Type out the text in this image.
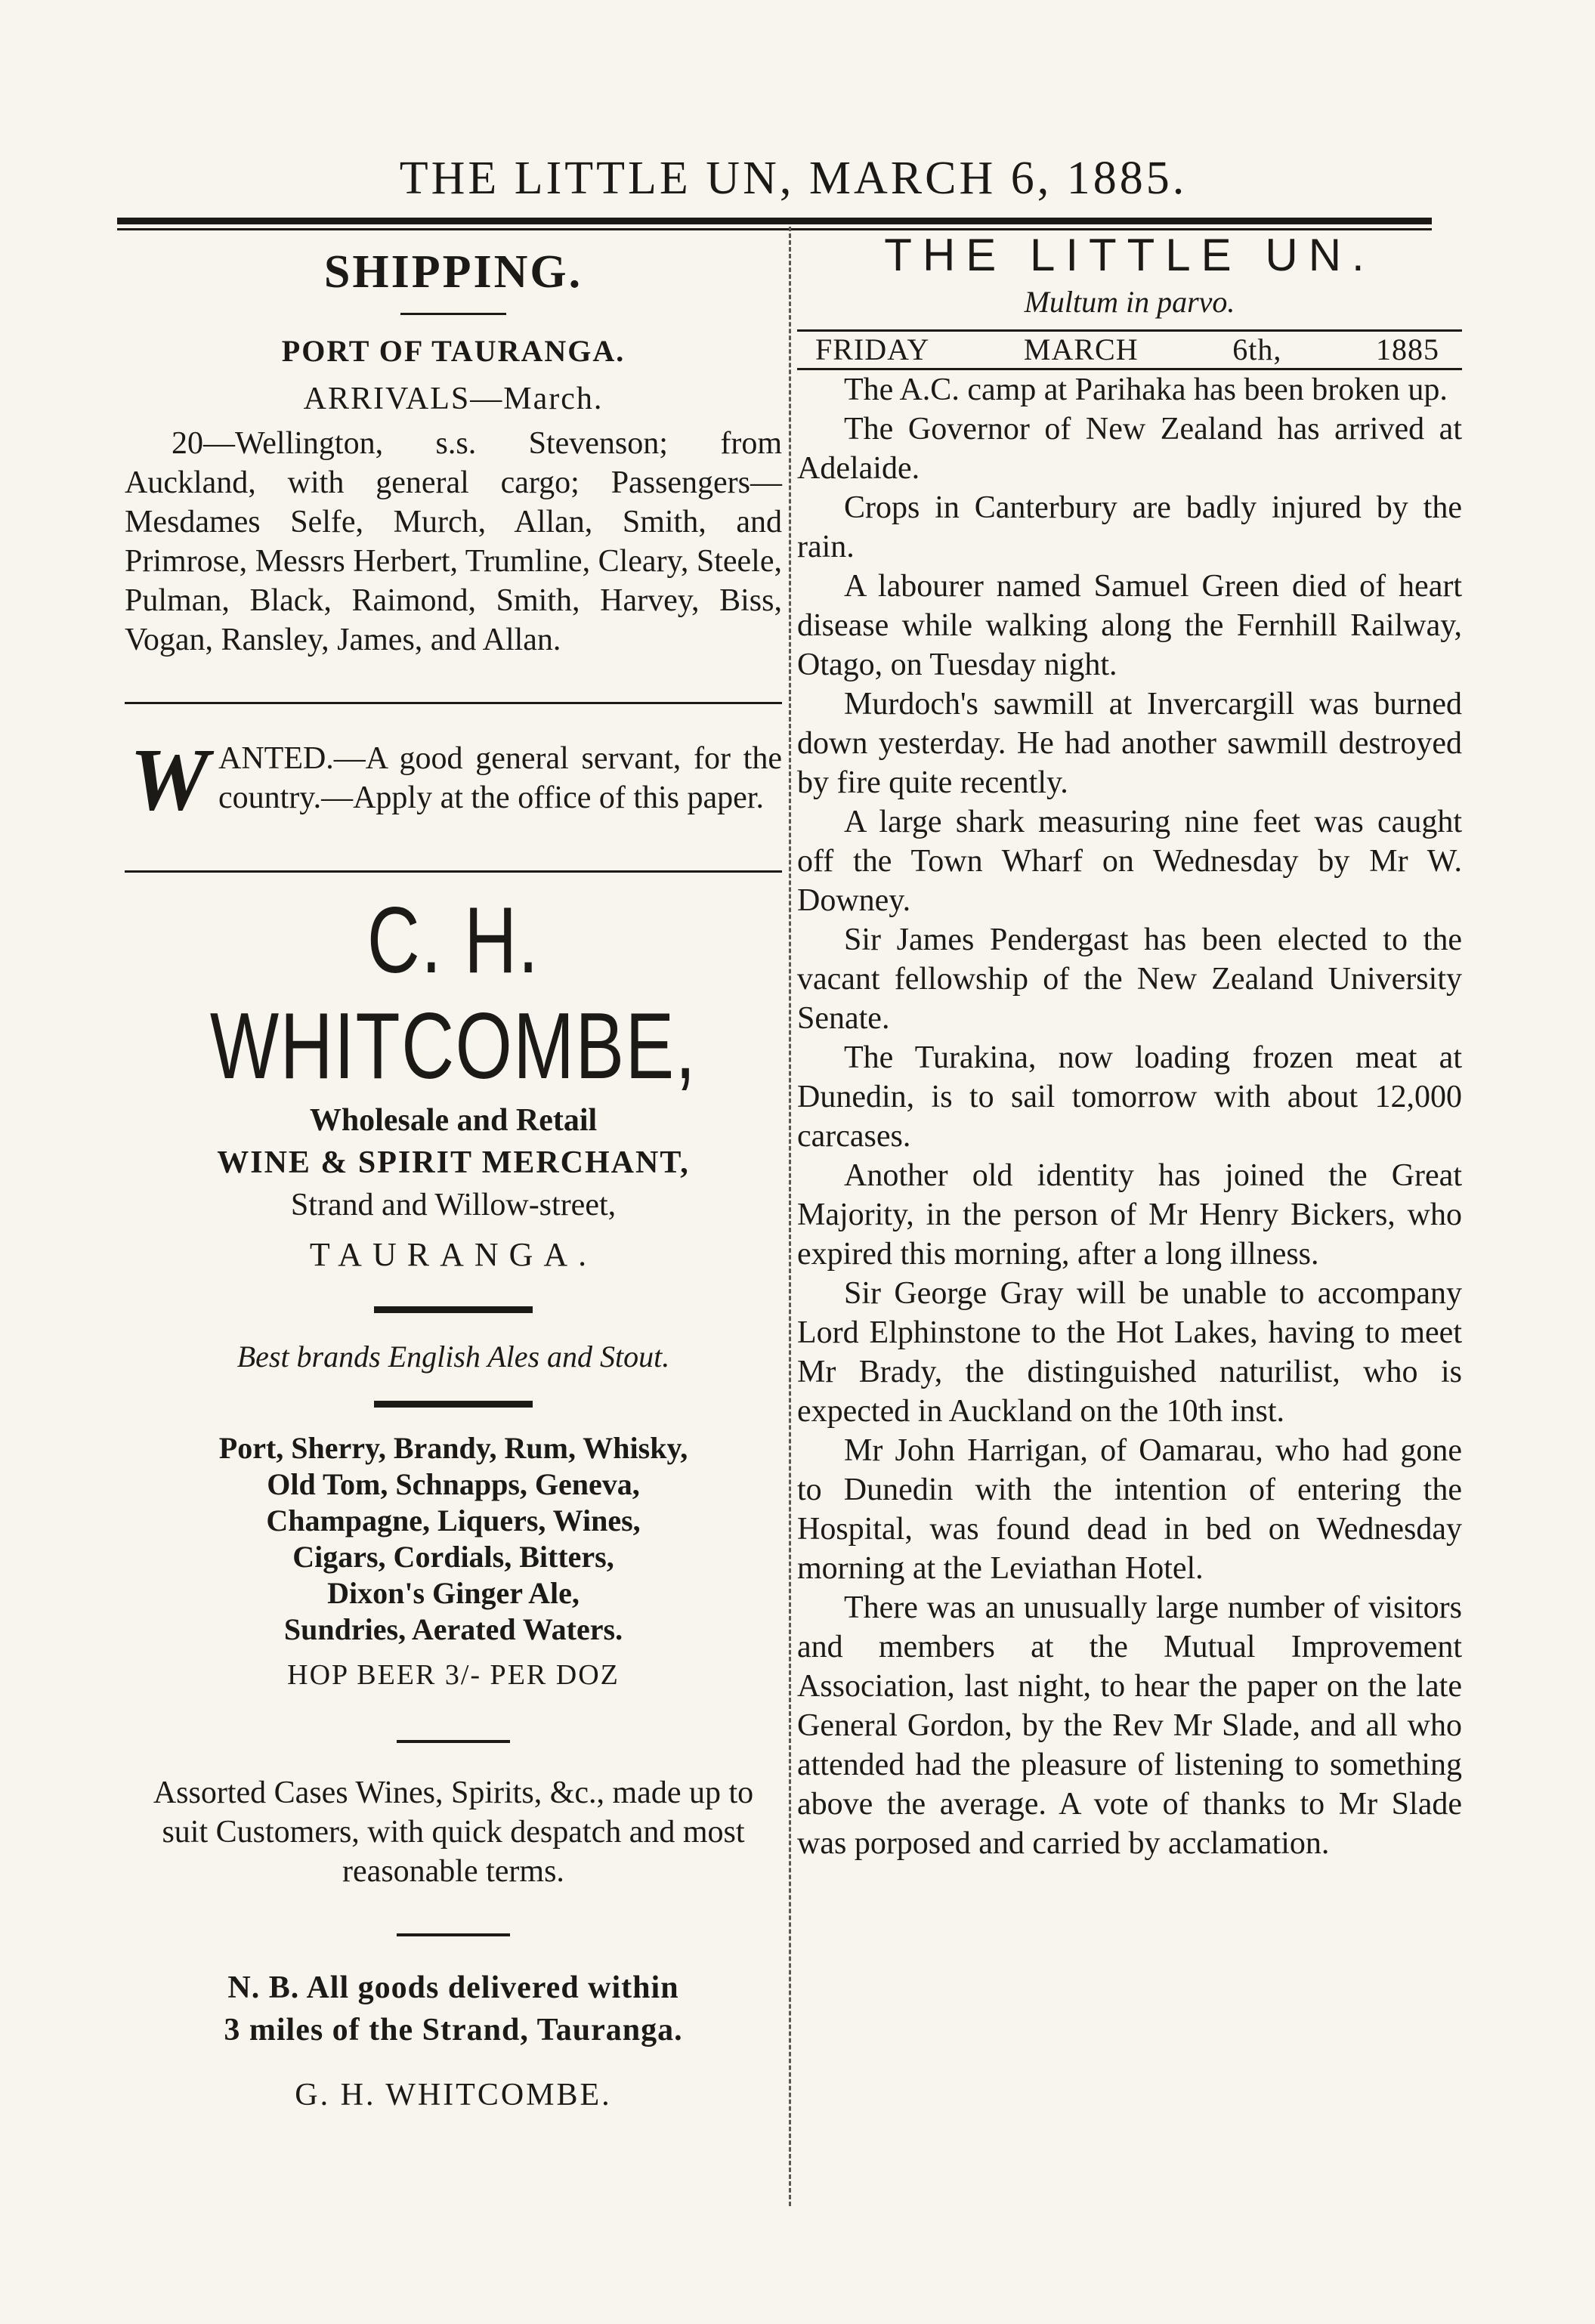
THE LITTLE UN, MARCH 6, 1885.
SHIPPING.
PORT OF TAURANGA.
ARRIVALS—March.
20—Wellington, s.s. Stevenson; from Auckland, with general cargo; Passengers—Mesdames Selfe, Murch, Allan, Smith, and Primrose, Messrs Herbert, Trumline, Cleary, Steele, Pulman, Black, Raimond, Smith, Harvey, Biss, Vogan, Ransley, James, and Allan.
W ANTED.—A good general servant, for the country.—Apply at the office of this paper.
C. H. WHITCOMBE,
Wholesale and Retail
WINE & SPIRIT MERCHANT,
Strand and Willow-street,
TAURANGA.
Best brands English Ales and Stout.
Port, Sherry, Brandy, Rum, Whisky,
Old Tom, Schnapps, Geneva,
Champagne, Liquers, Wines,
Cigars, Cordials, Bitters,
Dixon's Ginger Ale,
Sundries, Aerated Waters.
HOP BEER 3/- PER DOZ
Assorted Cases Wines, Spirits, &c., made up to suit Customers, with quick despatch and most reasonable terms.
N. B. All goods delivered within
3 miles of the Strand, Tauranga.
G. H. WHITCOMBE.
THE LITTLE UN.
Multum in parvo.
FRIDAY	MARCH	6th,	1885

The A.C. camp at Parihaka has been broken up.

The Governor of New Zealand has arrived at Adelaide.

Crops in Canterbury are badly injured by the rain.

A labourer named Samuel Green died of heart disease while walking along the Fernhill Railway, Otago, on Tuesday night.

Murdoch's sawmill at Invercargill was burned down yesterday. He had another sawmill destroyed by fire quite recently.

A large shark measuring nine feet was caught off the Town Wharf on Wednesday by Mr W. Downey.

Sir James Pendergast has been elected to the vacant fellowship of the New Zealand University Senate.

The Turakina, now loading frozen meat at Dunedin, is to sail tomorrow with about 12,000 carcases.

Another old identity has joined the Great Majority, in the person of Mr Henry Bickers, who expired this morning, after a long illness.

Sir George Gray will be unable to accompany Lord Elphinstone to the Hot Lakes, having to meet Mr Brady, the distinguished naturilist, who is expected in Auckland on the 10th inst.

Mr John Harrigan, of Oamarau, who had gone to Dunedin with the intention of entering the Hospital, was found dead in bed on Wednesday morning at the Leviathan Hotel.

There was an unusually large number of visitors and members at the Mutual Improvement Association, last night, to hear the paper on the late General Gordon, by the Rev Mr Slade, and all who attended had the pleasure of listening to something above the average. A vote of thanks to Mr Slade was porposed and carried by acclamation.
